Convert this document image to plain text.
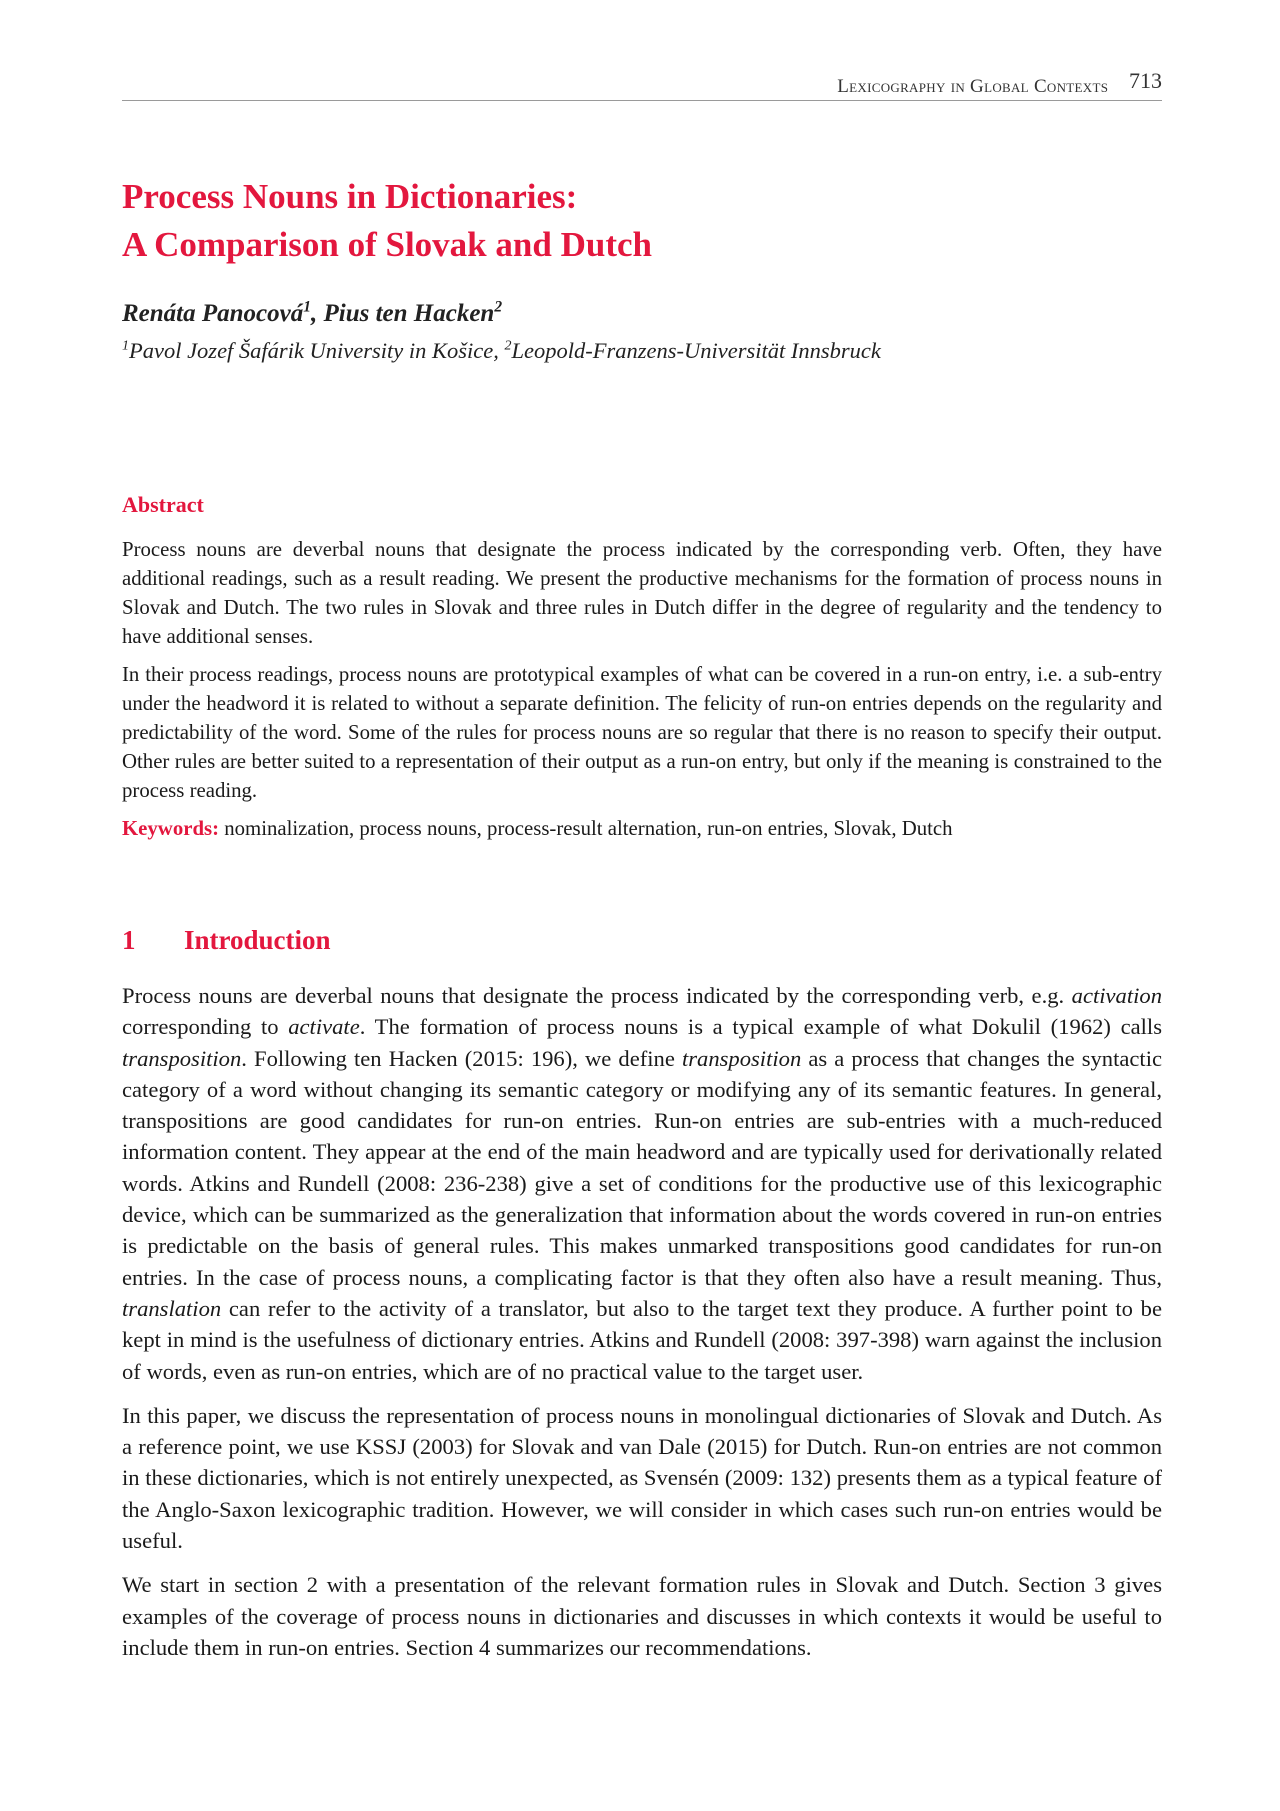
Lexicography in Global Contexts 713
Process Nouns in Dictionaries:
A Comparison of Slovak and Dutch
Renáta Panocová$^1$, Pius ten Hacken$^2$
$^1$Pavol Jozef Šafárik University in Košice, $^2$Leopold-Franzens-Universität Innsbruck
Abstract

Process nouns are deverbal nouns that designate the process indicated by the corresponding verb. Often, they have additional readings, such as a result reading. We present the productive mechanisms for the formation of process nouns in Slovak and Dutch. The two rules in Slovak and three rules in Dutch differ in the degree of regularity and the tendency to have additional senses.

In their process readings, process nouns are prototypical examples of what can be covered in a run-on entry, i.e. a sub-entry under the headword it is related to without a separate definition. The felicity of run-on entries depends on the regularity and predictability of the word. Some of the rules for process nouns are so regular that there is no reason to specify their output. Other rules are better suited to a representation of their output as a run-on entry, but only if the meaning is constrained to the process reading.

Keywords: nominalization, process nouns, process-result alternation, run-on entries, Slovak, Dutch

1 Introduction

Process nouns are deverbal nouns that designate the process indicated by the corresponding verb, e.g. activation corresponding to activate. The formation of process nouns is a typical example of what Dokulil (1962) calls transposition. Following ten Hacken (2015: 196), we define transposition as a process that changes the syntactic category of a word without changing its semantic category or modifying any of its semantic features. In general, transpositions are good candidates for run-on entries. Run-on entries are sub-entries with a much-reduced information content. They appear at the end of the main headword and are typically used for derivationally related words. Atkins and Rundell (2008: 236-238) give a set of conditions for the productive use of this lexicographic device, which can be summarized as the generalization that information about the words covered in run-on entries is predictable on the basis of general rules. This makes unmarked transpositions good candidates for run-on entries. In the case of process nouns, a complicating factor is that they often also have a result meaning. Thus, translation can refer to the activity of a translator, but also to the target text they produce. A further point to be kept in mind is the usefulness of dictionary entries. Atkins and Rundell (2008: 397-398) warn against the inclusion of words, even as run-on entries, which are of no practical value to the target user.

In this paper, we discuss the representation of process nouns in monolingual dictionaries of Slovak and Dutch. As a reference point, we use KSSJ (2003) for Slovak and van Dale (2015) for Dutch. Run-on entries are not common in these dictionaries, which is not entirely unexpected, as Svensén (2009: 132) presents them as a typical feature of the Anglo-Saxon lexicographic tradition. However, we will consider in which cases such run-on entries would be useful.

We start in section 2 with a presentation of the relevant formation rules in Slovak and Dutch. Section 3 gives examples of the coverage of process nouns in dictionaries and discusses in which contexts it would be useful to include them in run-on entries. Section 4 summarizes our recommendations.
